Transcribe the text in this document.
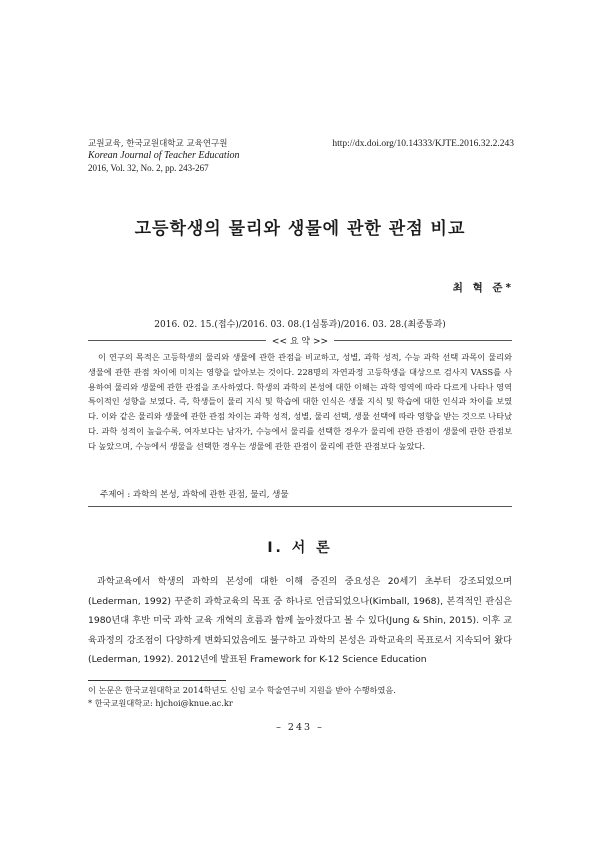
교원교육, 한국교원대학교 교육연구원
Korean Journal of Teacher Education
2016, Vol. 32, No. 2, pp. 243-267
http://dx.doi.org/10.14333/KJTE.2016.32.2.243
고등학생의 물리와 생물에 관한 관점 비교
최 혁 준*
2016. 02. 15.(접수)/2016. 03. 08.(1심통과)/2016. 03. 28.(최종통과)
<< 요 약 >>
이 연구의 목적은 고등학생의 물리와 생물에 관한 관점을 비교하고, 성별, 과학 성적, 수능 과학 선택 과목이 물리와 생물에 관한 관점 차이에 미치는 영향을 알아보는 것이다. 228명의 자연과정 고등학생을 대상으로 검사지 VASS를 사용하여 물리와 생물에 관한 관점을 조사하였다. 학생의 과학의 본성에 대한 이해는 과학 영역에 따라 다르게 나타나 영역 특이적인 성향을 보였다. 즉, 학생들이 물리 지식 및 학습에 대한 인식은 생물 지식 및 학습에 대한 인식과 차이를 보였다. 이와 같은 물리와 생물에 관한 관점 차이는 과학 성적, 성별, 물리 선택, 생물 선택에 따라 영향을 받는 것으로 나타났다. 과학 성적이 높을수록, 여자보다는 남자가, 수능에서 물리를 선택한 경우가 물리에 관한 관점이 생물에 관한 관점보다 높았으며, 수능에서 생물을 선택한 경우는 생물에 관한 관점이 물리에 관한 관점보다 높았다.
주제어 : 과학의 본성, 과학에 관한 관점, 물리, 생물
I. 서 론
과학교육에서 학생의 과학의 본성에 대한 이해 증진의 중요성은 20세기 초부터 강조되었으며 (Lederman, 1992) 꾸준히 과학교육의 목표 중 하나로 언급되었으나(Kimball, 1968), 본격적인 관심은 1980년대 후반 미국 과학 교육 개혁의 흐름과 함께 높아졌다고 볼 수 있다(Jung & Shin, 2015). 이후 교육과정의 강조점이 다양하게 변화되었음에도 불구하고 과학의 본성은 과학교육의 목표로서 지속되어 왔다(Lederman, 1992). 2012년에 발표된 Framework for K-12 Science Education
이 논문은 한국교원대학교 2014학년도 신임 교수 학술연구비 지원을 받아 수행하였음.
* 한국교원대학교: hjchoi@knue.ac.kr
– 243 –
